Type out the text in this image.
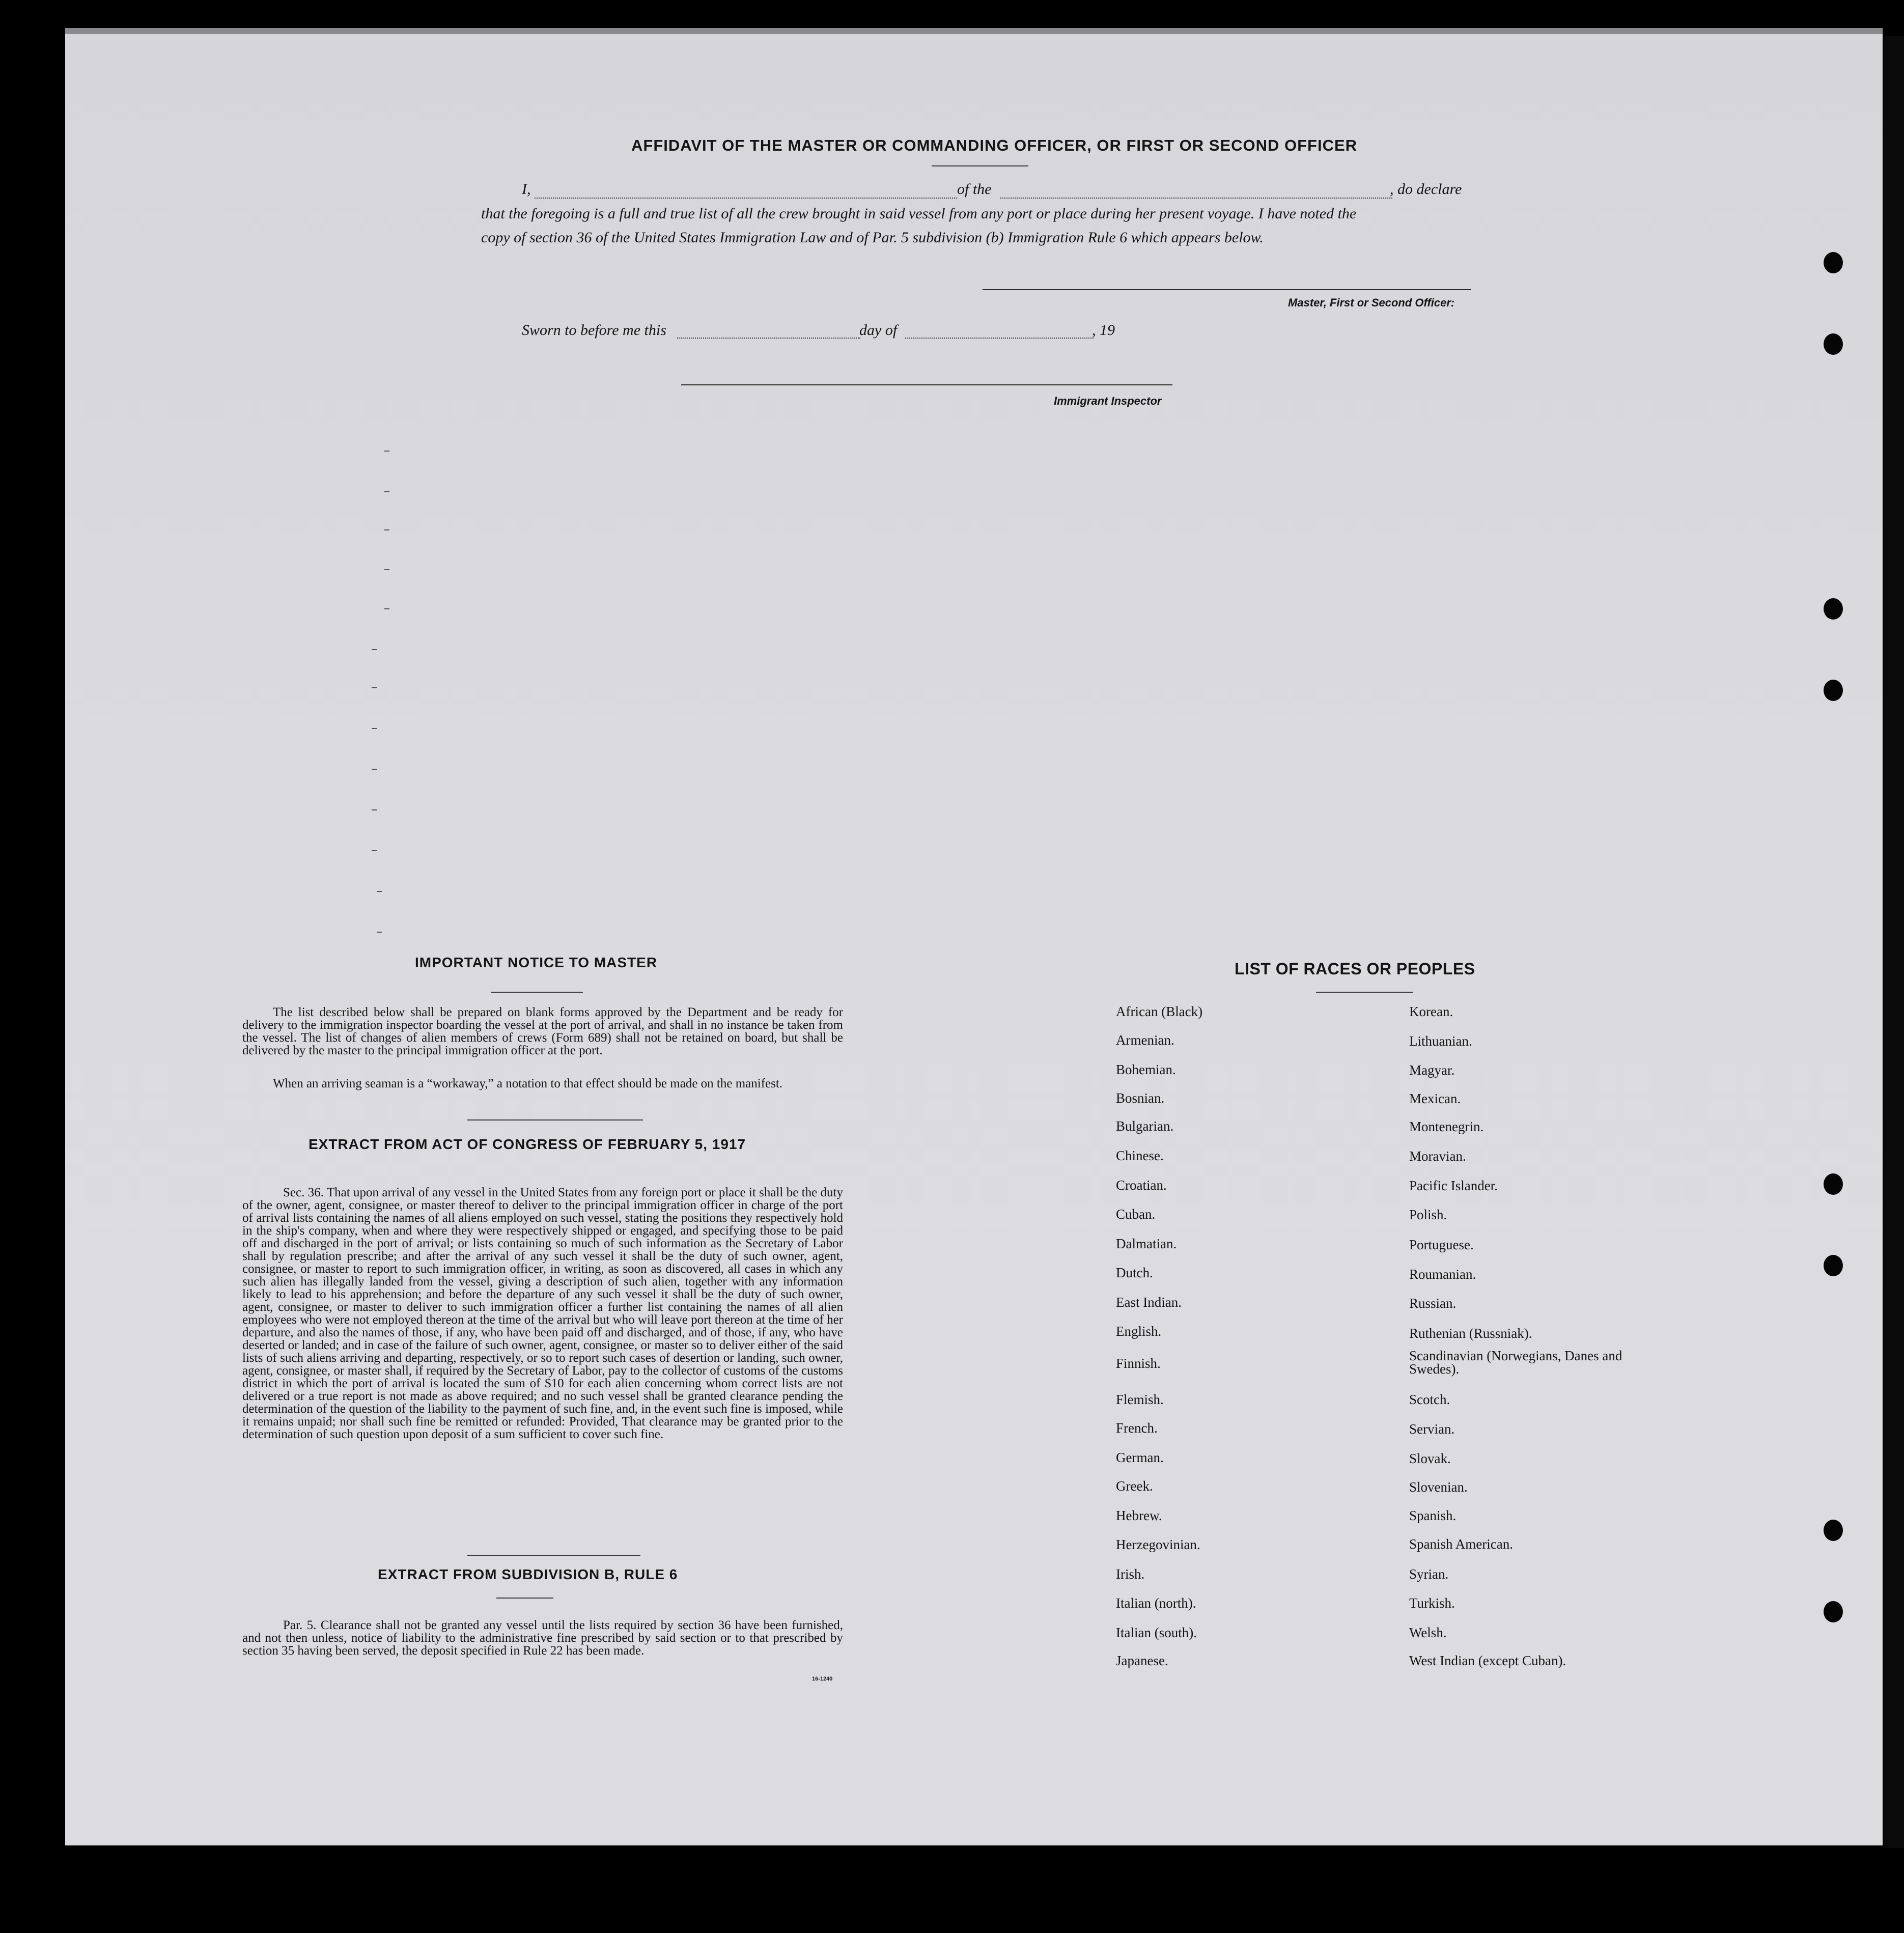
AFFIDAVIT OF THE MASTER OR COMMANDING OFFICER, OR FIRST OR SECOND OFFICER
I,	of the	, do declare
that the foregoing is a full and true list of all the crew brought in said vessel from any port or place during her present voyage. I have noted the
copy of section 36 of the United States Immigration Law and of Par. 5 subdivision (b) Immigration Rule 6 which appears below.
Master, First or Second Officer:
Sworn to before me this	day of	, 19
Immigrant Inspector
IMPORTANT NOTICE TO MASTER

The list described below shall be prepared on blank forms approved by the Department and be ready for delivery to the immigration inspector boarding the vessel at the port of arrival, and shall in no instance be taken from the vessel. The list of changes of alien members of crews (Form 689) shall not be retained on board, but shall be delivered by the master to the principal immigration officer at the port.

When an arriving seaman is a “workaway,” a notation to that effect should be made on the manifest.

EXTRACT FROM ACT OF CONGRESS OF FEBRUARY 5, 1917

Sec. 36. That upon arrival of any vessel in the United States from any foreign port or place it shall be the duty of the owner, agent, consignee, or master thereof to deliver to the principal immigration officer in charge of the port of arrival lists containing the names of all aliens employed on such vessel, stating the positions they respectively hold in the ship's company, when and where they were respectively shipped or engaged, and specifying those to be paid off and discharged in the port of arrival; or lists containing so much of such information as the Secretary of Labor shall by regulation prescribe; and after the arrival of any such vessel it shall be the duty of such owner, agent, consignee, or master to report to such immigration officer, in writing, as soon as discovered, all cases in which any such alien has illegally landed from the vessel, giving a description of such alien, together with any information likely to lead to his apprehension; and before the departure of any such vessel it shall be the duty of such owner, agent, consignee, or master to deliver to such immigration officer a further list containing the names of all alien employees who were not employed thereon at the time of the arrival but who will leave port thereon at the time of her departure, and also the names of those, if any, who have been paid off and discharged, and of those, if any, who have deserted or landed; and in case of the failure of such owner, agent, consignee, or master so to deliver either of the said lists of such aliens arriving and departing, respectively, or so to report such cases of desertion or landing, such owner, agent, consignee, or master shall, if required by the Secretary of Labor, pay to the collector of customs of the customs district in which the port of arrival is located the sum of $10 for each alien concerning whom correct lists are not delivered or a true report is not made as above required; and no such vessel shall be granted clearance pending the determination of the question of the liability to the payment of such fine, and, in the event such fine is imposed, while it remains unpaid; nor shall such fine be remitted or refunded: Provided, That clearance may be granted prior to the determination of such question upon deposit of a sum sufficient to cover such fine.

EXTRACT FROM SUBDIVISION B, RULE 6

Par. 5. Clearance shall not be granted any vessel until the lists required by section 36 have been furnished, and not then unless, notice of liability to the administrative fine prescribed by said section or to that prescribed by section 35 having been served, the deposit specified in Rule 22 has been made.

16-1240
LIST OF RACES OR PEOPLES
African (Black)
Armenian.
Bohemian.
Bosnian.
Bulgarian.
Chinese.
Croatian.
Cuban.
Dalmatian.
Dutch.
East Indian.
English.
Finnish.
Flemish.
French.
German.
Greek.
Hebrew.
Herzegovinian.
Irish.
Italian (north).
Italian (south).
Japanese.
Korean.
Lithuanian.
Magyar.
Mexican.
Montenegrin.
Moravian.
Pacific Islander.
Polish.
Portuguese.
Roumanian.
Russian.
Ruthenian (Russniak).
Scandinavian (Norwegians, Danes and Swedes).
Scotch.
Servian.
Slovak.
Slovenian.
Spanish.
Spanish American.
Syrian.
Turkish.
Welsh.
West Indian (except Cuban).
